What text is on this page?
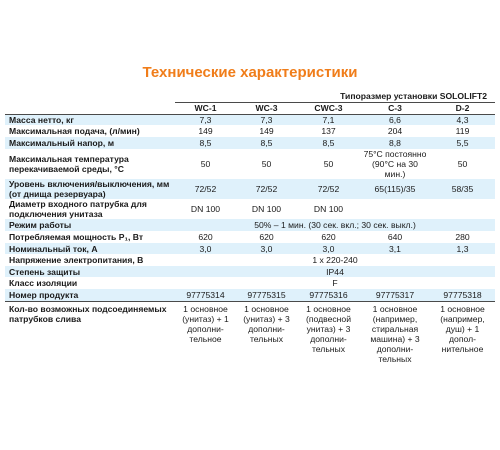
Технические характеристики
	Типоразмер установки SOLOLIFT2				
	WC-1	WC-3	CWC-3	C-3	D-2
Масса нетто, кг	7,3	7,3	7,1	6,6	4,3
Максимальная подача, (л/мин)	149	149	137	204	119
Максимальный напор, м	8,5	8,5	8,5	8,8	5,5
Максимальная температура перекачиваемой среды, °C	50	50	50	75°C постоянно (90°C на 30 мин.)	50
Уровень включения/выключения, мм (от днища резервуара)	72/52	72/52	72/52	65(115)/35	58/35
Диаметр входного патрубка для подключения унитаза	DN 100	DN 100	DN 100		
Режим работы	50% – 1 мин. (30 сек. вкл.; 30 сек. выкл.)				
Потребляемая мощность P₁, Вт	620	620	620	640	280
Номинальный ток, А	3,0	3,0	3,0	3,1	1,3
Напряжение электропитания, В	1 x 220-240				
Степень защиты	IP44				
Класс изоляции	F				
Номер продукта	97775314	97775315	97775316	97775317	97775318
Кол-во возможных подсоединяемых патрубков слива	1 основное (унитаз) + 1 дополни-тельное	1 основное (унитаз) + 3 дополни-тельных	1 основное (подвесной унитаз) + 3 дополни-тельных	1 основное (например, стиральная машина) + 3 дополни-тельных	1 основное (например, душ) + 1 допол-нительное
